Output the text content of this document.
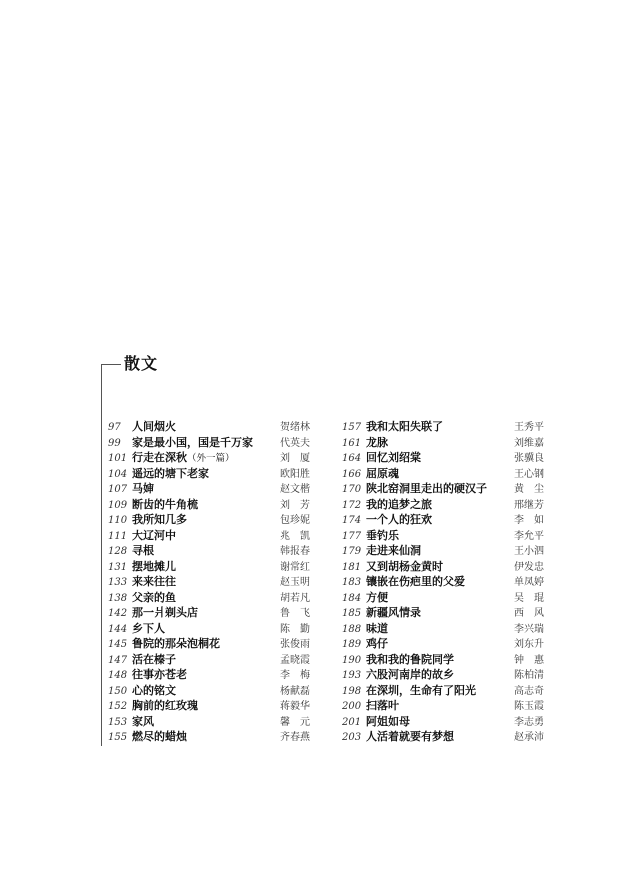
散文
97	人间烟火	贺绪林
99	家是最小国，国是千万家	代英夫
101 行走在深秋（外一篇）	刘　厦
104 遥远的塘下老家	欧阳胜
107 马婶	赵文楷
109 断齿的牛角梳	刘　芳
110 我所知几多	包珍妮
111 大辽河中	兆　凯
128 寻根	韩报春
131 摆地摊儿	谢常红
133 来来往往	赵玉明
138 父亲的鱼	胡若凡
142 那一爿剃头店	鲁　飞
144 乡下人	陈　勤
145 鲁院的那朵泡桐花	张俊雨
147 活在榛子	孟晓霞
148 往事亦苍老	李　梅
150 心的铭文	杨献磊
152 胸前的红玫瑰	蒋毅华
153 家风	馨　元
155 燃尽的蜡烛	齐春燕
157 我和太阳失联了	王秀平
161 龙脉	刘维嘉
164 回忆刘绍棠	张骥良
166 屈原魂	王心钢
170 陕北窑洞里走出的硬汉子	黄　尘
172 我的追梦之旅	邢继芳
174 一个人的狂欢	李　如
177 垂钓乐	李允平
179 走进来仙洞	王小泗
181 又到胡杨金黄时	伊发忠
183 镶嵌在伤疤里的父爱	单凤婷
184 方便	吴　琨
185 新疆风情录	西　风
188 味道	李兴瑞
189 鸡仔	刘东升
190 我和我的鲁院同学	钟　惠
193 六股河南岸的故乡	陈柏清
198 在深圳，生命有了阳光	高志奇
200 扫落叶	陈玉霞
201 阿姐如母	李志勇
203 人活着就要有梦想	赵承沛
